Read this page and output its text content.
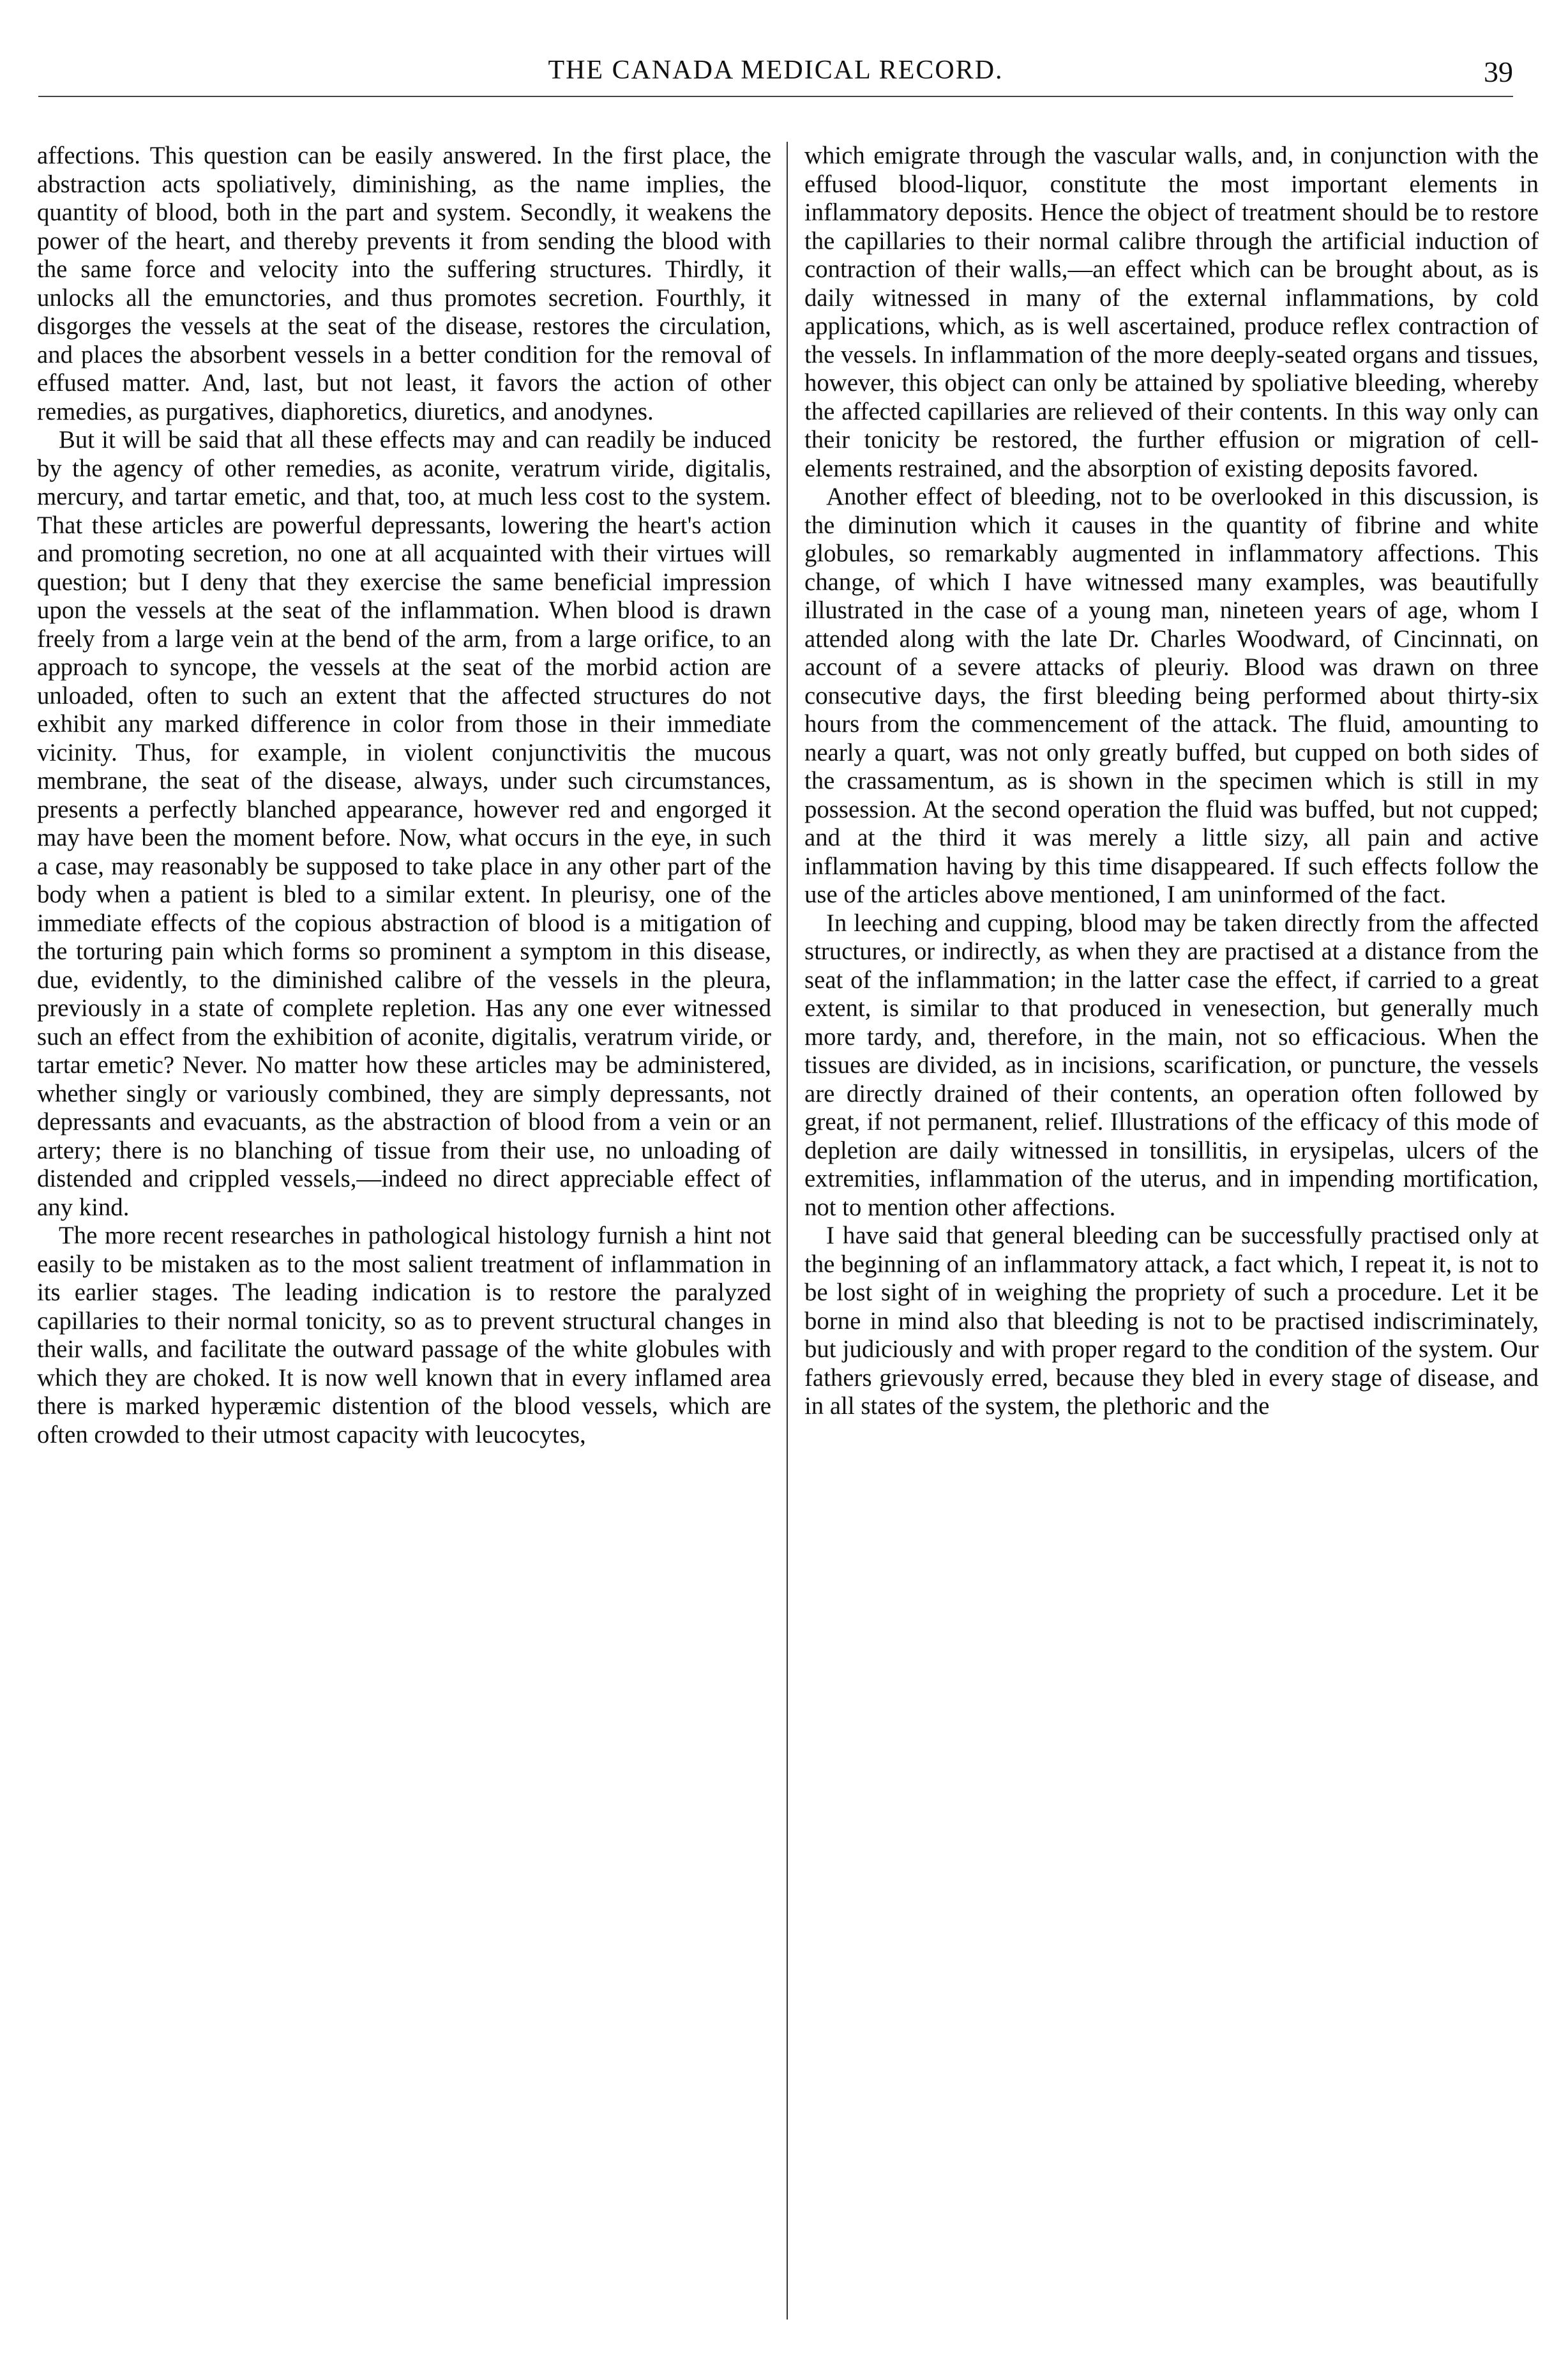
THE CANADA MEDICAL RECORD.	39

affections. This question can be easily answered. In the first place, the abstraction acts spoliatively, diminishing, as the name implies, the quantity of blood, both in the part and system. Secondly, it weakens the power of the heart, and thereby prevents it from sending the blood with the same force and velocity into the suffering structures. Thirdly, it unlocks all the emunctories, and thus promotes secretion. Fourthly, it disgorges the vessels at the seat of the disease, restores the circulation, and places the absorbent vessels in a better condition for the removal of effused matter. And, last, but not least, it favors the action of other remedies, as purgatives, diaphoretics, diuretics, and anodynes.

But it will be said that all these effects may and can readily be induced by the agency of other remedies, as aconite, veratrum viride, digitalis, mercury, and tartar emetic, and that, too, at much less cost to the system. That these articles are powerful depressants, lowering the heart's action and promoting secretion, no one at all acquainted with their virtues will question; but I deny that they exercise the same beneficial impression upon the vessels at the seat of the inflammation. When blood is drawn freely from a large vein at the bend of the arm, from a large orifice, to an approach to syncope, the vessels at the seat of the morbid action are unloaded, often to such an extent that the affected structures do not exhibit any marked difference in color from those in their immediate vicinity. Thus, for example, in violent conjunctivitis the mucous membrane, the seat of the disease, always, under such circumstances, presents a perfectly blanched appearance, however red and engorged it may have been the moment before. Now, what occurs in the eye, in such a case, may reasonably be supposed to take place in any other part of the body when a patient is bled to a similar extent. In pleurisy, one of the immediate effects of the copious abstraction of blood is a mitigation of the torturing pain which forms so prominent a symptom in this disease, due, evidently, to the diminished calibre of the vessels in the pleura, previously in a state of complete repletion. Has any one ever witnessed such an effect from the exhibition of aconite, digitalis, veratrum viride, or tartar emetic? Never. No matter how these articles may be administered, whether singly or variously combined, they are simply depressants, not depressants and evacuants, as the abstraction of blood from a vein or an artery; there is no blanching of tissue from their use, no unloading of distended and crippled vessels,—indeed no direct appreciable effect of any kind.

The more recent researches in pathological histology furnish a hint not easily to be mistaken as to the most salient treatment of inflammation in its earlier stages. The leading indication is to restore the paralyzed capillaries to their normal tonicity, so as to prevent structural changes in their walls, and facilitate the outward passage of the white globules with which they are choked. It is now well known that in every inflamed area there is marked hyperæmic distention of the blood vessels, which are often crowded to their utmost capacity with leucocytes,

which emigrate through the vascular walls, and, in conjunction with the effused blood-liquor, constitute the most important elements in inflammatory deposits. Hence the object of treatment should be to restore the capillaries to their normal calibre through the artificial induction of contraction of their walls,—an effect which can be brought about, as is daily witnessed in many of the external inflammations, by cold applications, which, as is well ascertained, produce reflex contraction of the vessels. In inflammation of the more deeply-seated organs and tissues, however, this object can only be attained by spoliative bleeding, whereby the affected capillaries are relieved of their contents. In this way only can their tonicity be restored, the further effusion or migration of cell-elements restrained, and the absorption of existing deposits favored.

Another effect of bleeding, not to be overlooked in this discussion, is the diminution which it causes in the quantity of fibrine and white globules, so remarkably augmented in inflammatory affections. This change, of which I have witnessed many examples, was beautifully illustrated in the case of a young man, nineteen years of age, whom I attended along with the late Dr. Charles Woodward, of Cincinnati, on account of a severe attacks of pleuriy. Blood was drawn on three consecutive days, the first bleeding being performed about thirty-six hours from the commencement of the attack. The fluid, amounting to nearly a quart, was not only greatly buffed, but cupped on both sides of the crassamentum, as is shown in the specimen which is still in my possession. At the second operation the fluid was buffed, but not cupped; and at the third it was merely a little sizy, all pain and active inflammation having by this time disappeared. If such effects follow the use of the articles above mentioned, I am uninformed of the fact.

In leeching and cupping, blood may be taken directly from the affected structures, or indirectly, as when they are practised at a distance from the seat of the inflammation; in the latter case the effect, if carried to a great extent, is similar to that produced in venesection, but generally much more tardy, and, therefore, in the main, not so efficacious. When the tissues are divided, as in incisions, scarification, or puncture, the vessels are directly drained of their contents, an operation often followed by great, if not permanent, relief. Illustrations of the efficacy of this mode of depletion are daily witnessed in tonsillitis, in erysipelas, ulcers of the extremities, inflammation of the uterus, and in impending mortification, not to mention other affections.

I have said that general bleeding can be successfully practised only at the beginning of an inflammatory attack, a fact which, I repeat it, is not to be lost sight of in weighing the propriety of such a procedure. Let it be borne in mind also that bleeding is not to be practised indiscriminately, but judiciously and with proper regard to the condition of the system. Our fathers grievously erred, because they bled in every stage of disease, and in all states of the system, the plethoric and the
